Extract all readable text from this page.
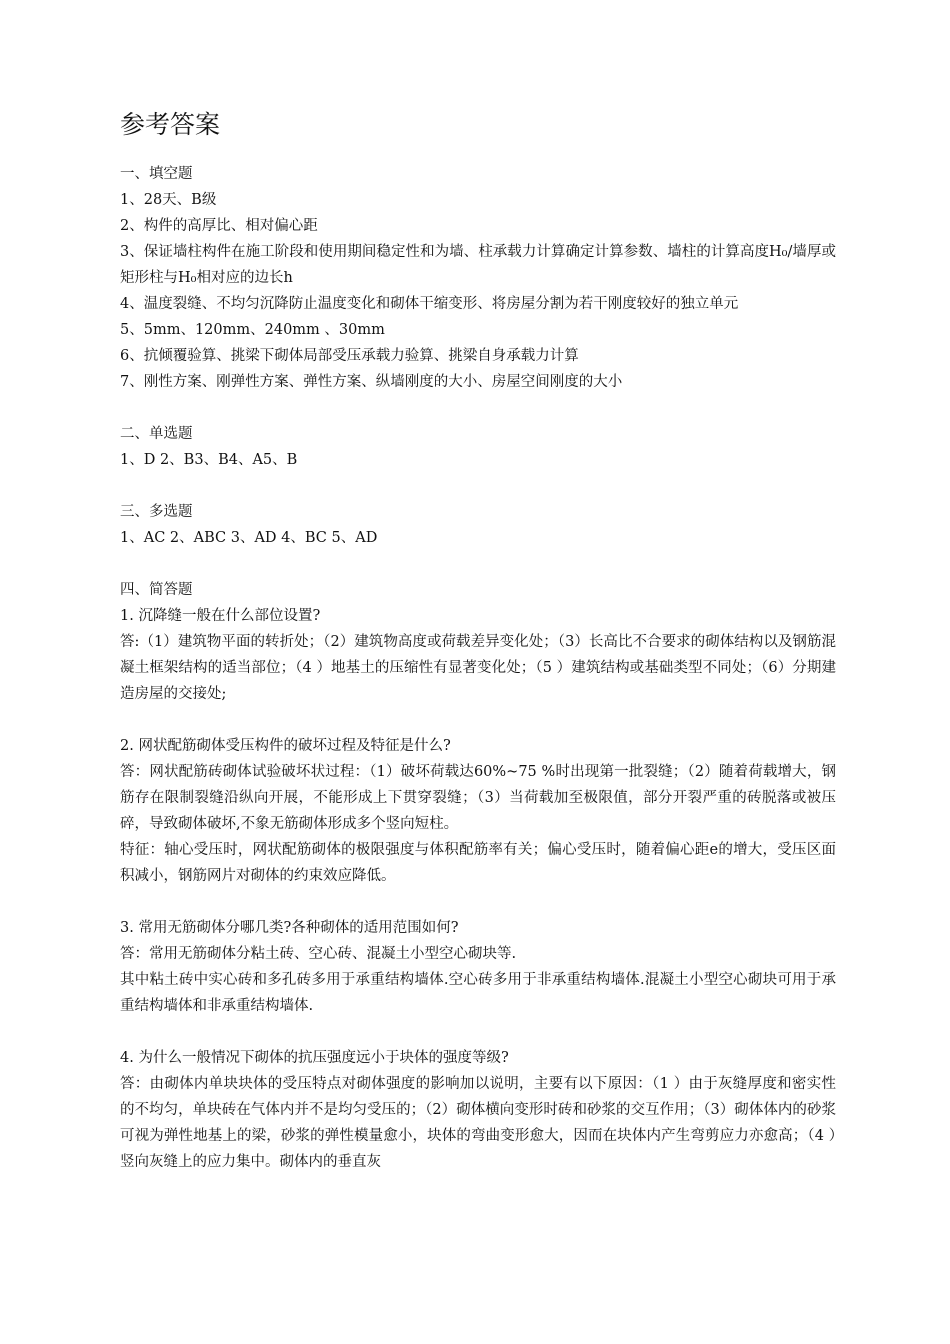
参考答案
一、填空题
1、28天、B级
2、构件的高厚比、相对偏心距
3、保证墙柱构件在施工阶段和使用期间稳定性和为墙、柱承载力计算确定计算参数、墙柱的计算高度H₀/墙厚或矩形柱与H₀相对应的边长h
4、温度裂缝、不均匀沉降防止温度变化和砌体干缩变形、将房屋分割为若干刚度较好的独立单元
5、5mm、120mm、240mm 、30mm
6、抗倾覆验算、挑梁下砌体局部受压承载力验算、挑梁自身承载力计算
7、刚性方案、刚弹性方案、弹性方案、纵墙刚度的大小、房屋空间刚度的大小
二、单选题
1、D 2、B3、B4、A5、B
三、多选题
1、AC 2、ABC 3、AD 4、BC 5、AD
四、简答题
1. 沉降缝一般在什么部位设置?
答:（1）建筑物平面的转折处；（2）建筑物高度或荷载差异变化处；（3）长高比不合要求的砌体结构以及钢筋混凝土框架结构的适当部位；（4 ）地基土的压缩性有显著变化处；（5 ）建筑结构或基础类型不同处；（6）分期建造房屋的交接处;
2. 网状配筋砌体受压构件的破坏过程及特征是什么?
答：网状配筋砖砌体试验破坏状过程：（1）破坏荷载达60%~75 %时出现第一批裂缝；（2）随着荷载增大，钢筋存在限制裂缝沿纵向开展，不能形成上下贯穿裂缝；（3）当荷载加至极限值，部分开裂严重的砖脱落或被压碎，导致砌体破坏,不象无筋砌体形成多个竖向短柱。
特征：轴心受压时，网状配筋砌体的极限强度与体积配筋率有关；偏心受压时，随着偏心距e的增大，受压区面积减小，钢筋网片对砌体的约束效应降低。
3. 常用无筋砌体分哪几类?各种砌体的适用范围如何?
答：常用无筋砌体分粘土砖、空心砖、混凝土小型空心砌块等.
其中粘土砖中实心砖和多孔砖多用于承重结构墙体.空心砖多用于非承重结构墙体.混凝土小型空心砌块可用于承重结构墙体和非承重结构墙体.
4. 为什么一般情况下砌体的抗压强度远小于块体的强度等级?
答：由砌体内单块块体的受压特点对砌体强度的影响加以说明，主要有以下原因：（1 ）由于灰缝厚度和密实性的不均匀，单块砖在气体内并不是均匀受压的；（2）砌体横向变形时砖和砂浆的交互作用；（3）砌体体内的砂浆可视为弹性地基上的梁，砂浆的弹性模量愈小，块体的弯曲变形愈大，因而在块体内产生弯剪应力亦愈高；（4 ）竖向灰缝上的应力集中。砌体内的垂直灰
